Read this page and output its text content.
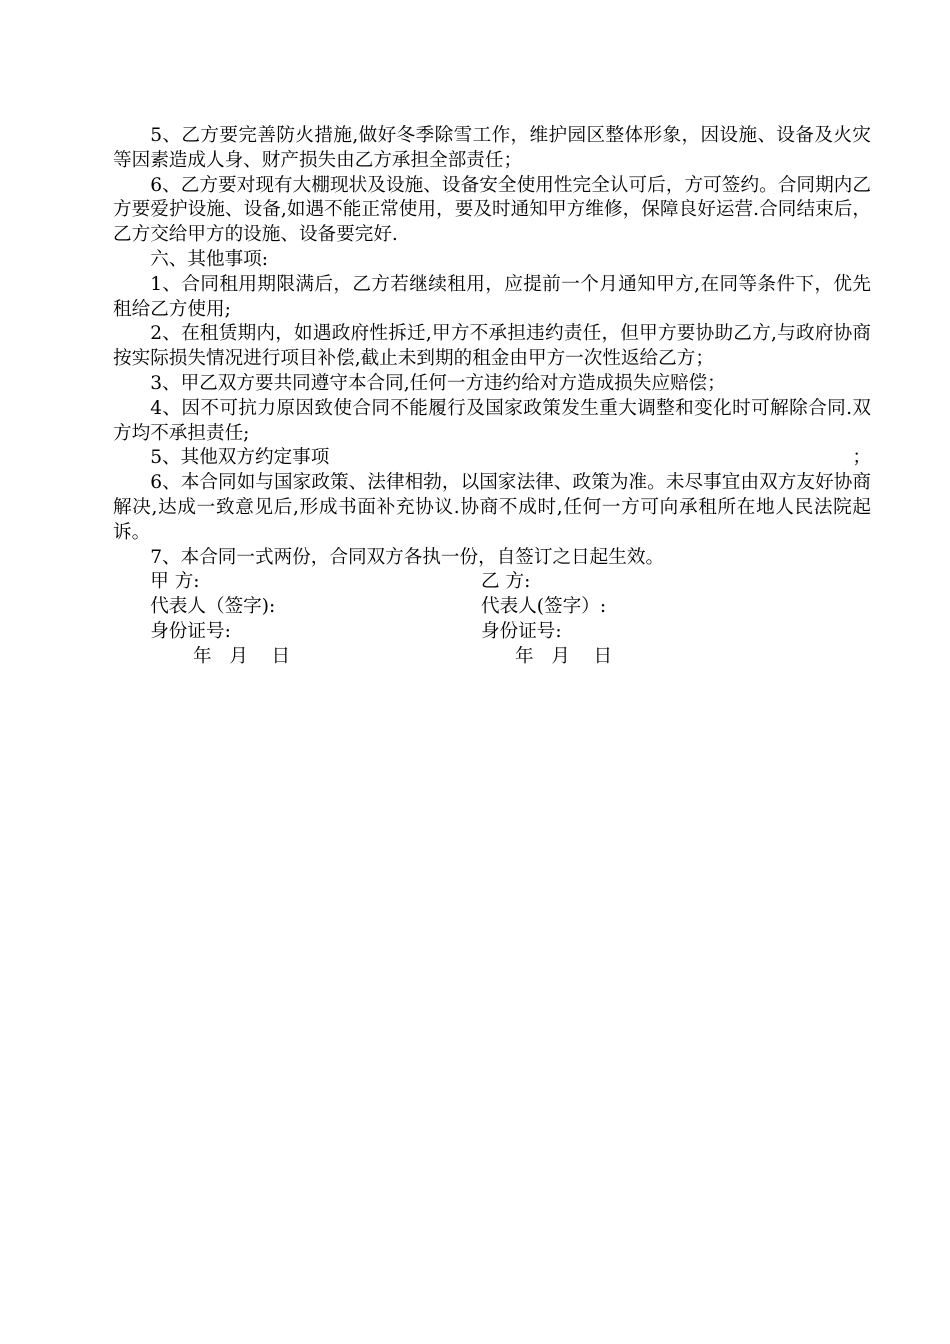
5、乙方要完善防火措施,做好冬季除雪工作，维护园区整体形象，因设施、设备及火灾等因素造成人身、财产损失由乙方承担全部责任；

6、乙方要对现有大棚现状及设施、设备安全使用性完全认可后，方可签约。合同期内乙方要爱护设施、设备,如遇不能正常使用，要及时通知甲方维修，保障良好运营.合同结束后，乙方交给甲方的设施、设备要完好.

六、其他事项:

1、合同租用期限满后，乙方若继续租用，应提前一个月通知甲方,在同等条件下，优先租给乙方使用;

2、在租赁期内，如遇政府性拆迁,甲方不承担违约责任，但甲方要协助乙方,与政府协商按实际损失情况进行项目补偿,截止未到期的租金由甲方一次性返给乙方；

3、甲乙双方要共同遵守本合同,任何一方违约给对方造成损失应赔偿；

4、因不可抗力原因致使合同不能履行及国家政策发生重大调整和变化时可解除合同.双方均不承担责任;

5、其他双方约定事项	；

6、本合同如与国家政策、法律相勃，以国家法律、政策为准。未尽事宜由双方友好协商解决,达成一致意见后,形成书面补充协议.协商不成时,任何一方可向承租所在地人民法院起诉。

7、本合同一式两份，合同双方各执一份，自签订之日起生效。

甲 方:	乙 方:
代表人（签字):	代表人(签字）:
身份证号:	身份证号:
年   月    日	年   月    日
